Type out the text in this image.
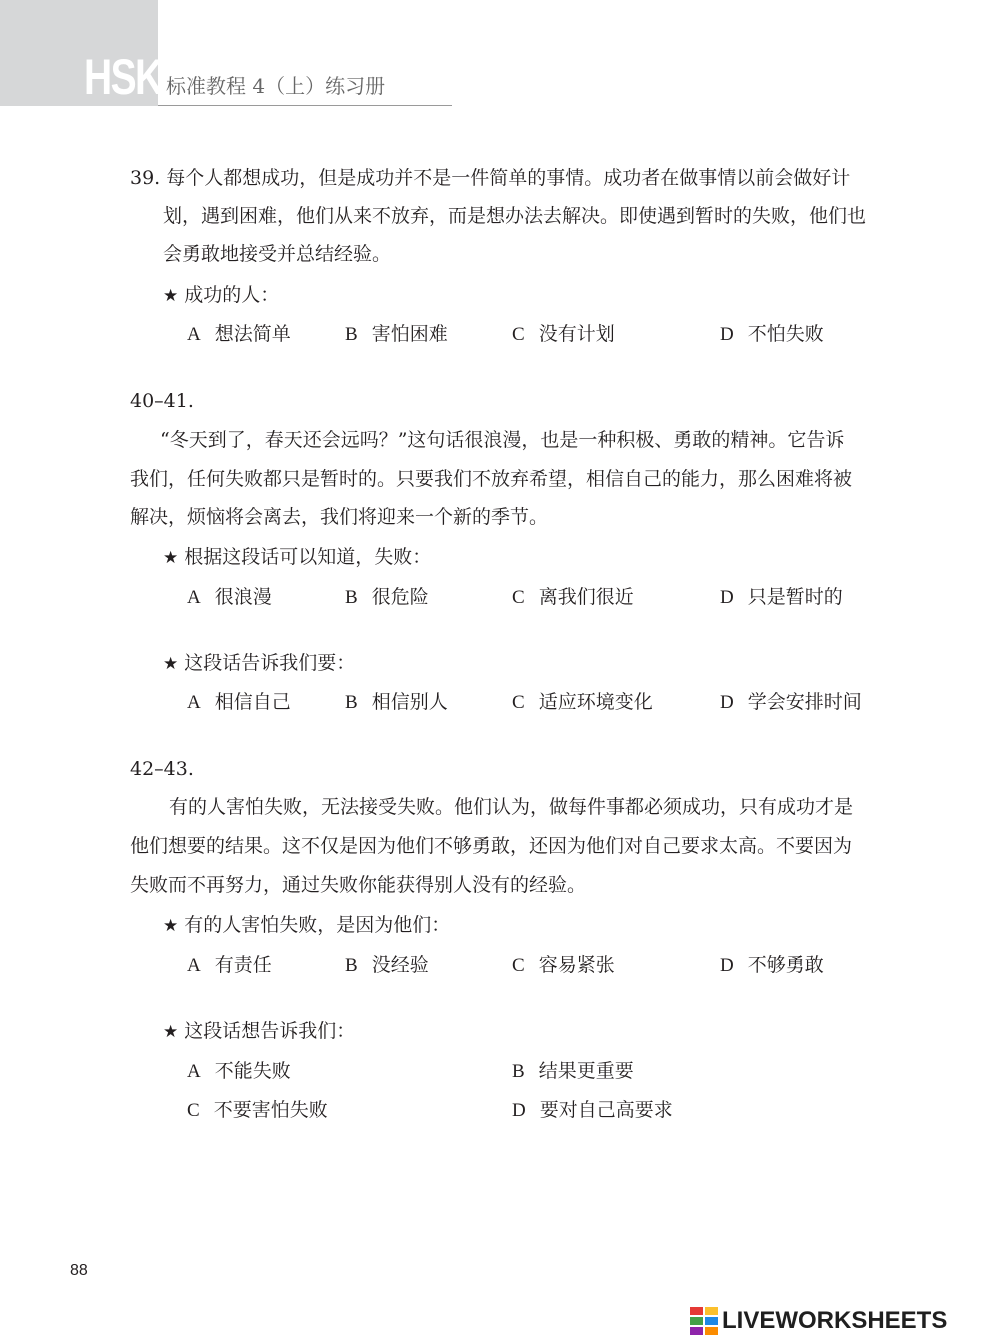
HSK 标准教程 4（上）练习册
39. 每个人都想成功，但是成功并不是一件简单的事情。成功者在做事情以前会做好计
划，遇到困难，他们从来不放弃，而是想办法去解决。即使遇到暂时的失败，他们也
会勇敢地接受并总结经验。
★ 成功的人：
A 想法简单	B 害怕困难	C 没有计划	D 不怕失败
40–41.
“冬天到了，春天还会远吗？”这句话很浪漫，也是一种积极、勇敢的精神。它告诉
我们，任何失败都只是暂时的。只要我们不放弃希望，相信自己的能力，那么困难将被
解决，烦恼将会离去，我们将迎来一个新的季节。
★ 根据这段话可以知道，失败：
A 很浪漫	B 很危险	C 离我们很近	D 只是暂时的
★ 这段话告诉我们要：
A 相信自己	B 相信别人	C 适应环境变化	D 学会安排时间
42–43.
有的人害怕失败，无法接受失败。他们认为，做每件事都必须成功，只有成功才是
他们想要的结果。这不仅是因为他们不够勇敢，还因为他们对自己要求太高。不要因为
失败而不再努力，通过失败你能获得别人没有的经验。
★ 有的人害怕失败，是因为他们：
A 有责任	B 没经验	C 容易紧张	D 不够勇敢
★ 这段话想告诉我们：
A 不能失败	B 结果更重要
C 不要害怕失败	D 要对自己高要求
88
LIVEWORKSHEETS
